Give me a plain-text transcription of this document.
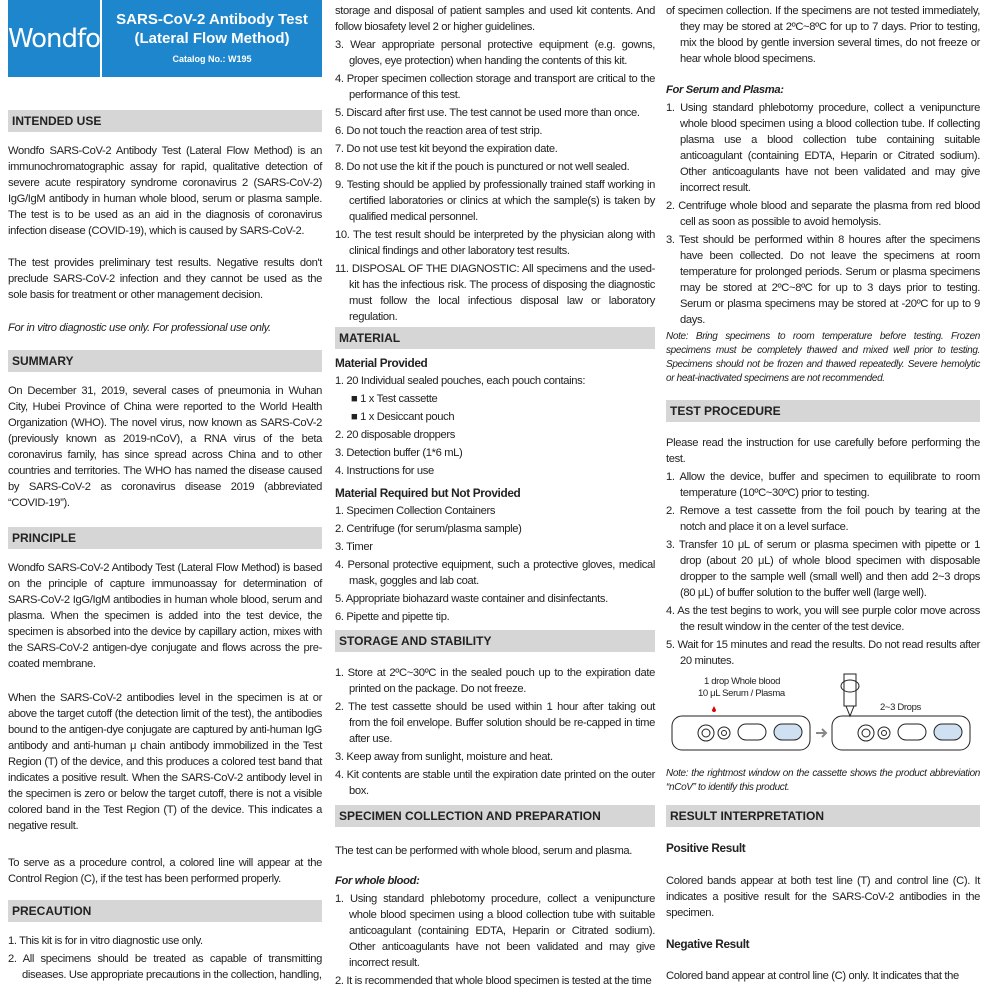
Wondfo
SARS-CoV-2 Antibody Test
(Lateral Flow Method)
Catalog No.: W195
INTENDED USE
Wondfo SARS-CoV-2 Antibody Test (Lateral Flow Method) is an immunochromatographic assay for rapid, qualitative detection of severe acute respiratory syndrome coronavirus 2 (SARS-CoV-2) IgG/IgM antibody in human whole blood, serum or plasma sample. The test is to be used as an aid in the diagnosis of coronavirus infection disease (COVID-19), which is caused by SARS-CoV-2.
The test provides preliminary test results. Negative results don't preclude SARS-CoV-2 infection and they cannot be used as the sole basis for treatment or other management decision.
For in vitro diagnostic use only. For professional use only.
SUMMARY
On December 31, 2019, several cases of pneumonia in Wuhan City, Hubei Province of China were reported to the World Health Organization (WHO). The novel virus, now known as SARS-CoV-2 (previously known as 2019-nCoV), a RNA virus of the beta coronavirus family, has since spread across China and to other countries and territories. The WHO has named the disease caused by SARS-CoV-2 as coronavirus disease 2019 (abbreviated “COVID-19”).
PRINCIPLE
Wondfo SARS-CoV-2 Antibody Test (Lateral Flow Method) is based on the principle of capture immunoassay for determination of SARS-CoV-2 IgG/IgM antibodies in human whole blood, serum and plasma. When the specimen is added into the test device, the specimen is absorbed into the device by capillary action, mixes with the SARS-CoV-2 antigen-dye conjugate and flows across the pre-coated membrane.
When the SARS-CoV-2 antibodies level in the specimen is at or above the target cutoff (the detection limit of the test), the antibodies bound to the antigen-dye conjugate are captured by anti-human IgG antibody and anti-human μ chain antibody immobilized in the Test Region (T) of the device, and this produces a colored test band that indicates a positive result. When the SARS-CoV-2 antibody level in the specimen is zero or below the target cutoff, there is not a visible colored band in the Test Region (T) of the device. This indicates a negative result.
To serve as a procedure control, a colored line will appear at the Control Region (C), if the test has been performed properly.
PRECAUTION
1. This kit is for in vitro diagnostic use only.
2. All specimens should be treated as capable of transmitting diseases. Use appropriate precautions in the collection, handling,
storage and disposal of patient samples and used kit contents. And follow biosafety level 2 or higher guidelines.
3. Wear appropriate personal protective equipment (e.g. gowns, gloves, eye protection) when handing the contents of this kit.
4. Proper specimen collection storage and transport are critical to the performance of this test.
5. Discard after first use. The test cannot be used more than once.
6. Do not touch the reaction area of test strip.
7. Do not use test kit beyond the expiration date.
8. Do not use the kit if the pouch is punctured or not well sealed.
9. Testing should be applied by professionally trained staff working in certified laboratories or clinics at which the sample(s) is taken by qualified medical personnel.
10. The test result should be interpreted by the physician along with clinical findings and other laboratory test results.
11. DISPOSAL OF THE DIAGNOSTIC: All specimens and the used-kit has the infectious risk. The process of disposing the diagnostic must follow the local infectious disposal law or laboratory regulation.
MATERIAL
Material Provided
1. 20 Individual sealed pouches, each pouch contains:
■ 1 x Test cassette
■ 1 x Desiccant pouch
2. 20 disposable droppers
3. Detection buffer (1*6 mL)
4. Instructions for use
Material Required but Not Provided
1. Specimen Collection Containers
2. Centrifuge (for serum/plasma sample)
3. Timer
4. Personal protective equipment, such a protective gloves, medical mask, goggles and lab coat.
5. Appropriate biohazard waste container and disinfectants.
6. Pipette and pipette tip.
STORAGE AND STABILITY
1. Store at 2ºC~30ºC in the sealed pouch up to the expiration date printed on the package. Do not freeze.
2. The test cassette should be used within 1 hour after taking out from the foil envelope. Buffer solution should be re-capped in time after use.
3. Keep away from sunlight, moisture and heat.
4. Kit contents are stable until the expiration date printed on the outer box.
SPECIMEN COLLECTION AND PREPARATION
The test can be performed with whole blood, serum and plasma.
For whole blood:
1. Using standard phlebotomy procedure, collect a venipuncture whole blood specimen using a blood collection tube with suitable anticoagulant (containing EDTA, Heparin or Citrated sodium). Other anticoagulants have not been validated and may give incorrect result.
2. It is recommended that whole blood specimen is tested at the time
of specimen collection. If the specimens are not tested immediately, they may be stored at 2ºC~8ºC for up to 7 days. Prior to testing, mix the blood by gentle inversion several times, do not freeze or hear whole blood specimens.
For Serum and Plasma:
1. Using standard phlebotomy procedure, collect a venipuncture whole blood specimen using a blood collection tube. If collecting plasma use a blood collection tube containing suitable anticoagulant (containing EDTA, Heparin or Citrated sodium). Other anticoagulants have not been validated and may give incorrect result.
2. Centrifuge whole blood and separate the plasma from red blood cell as soon as possible to avoid hemolysis.
3. Test should be performed within 8 houres after the specimens have been collected. Do not leave the specimens at room temperature for prolonged periods. Serum or plasma specimens may be stored at 2ºC~8ºC for up to 3 days prior to testing. Serum or plasma specimens may be stored at -20ºC for up to 9 days.
Note: Bring specimens to room temperature before testing. Frozen specimens must be completely thawed and mixed well prior to testing. Specimens should not be frozen and thawed repeatedly. Severe hemolytic or heat-inactivated specimens are not recommended.
TEST PROCEDURE
Please read the instruction for use carefully before performing the test.
1. Allow the device, buffer and specimen to equilibrate to room temperature (10ºC~30ºC) prior to testing.
2. Remove a test cassette from the foil pouch by tearing at the notch and place it on a level surface.
3. Transfer 10 μL of serum or plasma specimen with pipette or 1 drop (about 20 μL) of whole blood specimen with disposable dropper to the sample well (small well) and then add 2~3 drops (80 μL) of buffer solution to the buffer well (large well).
4. As the test begins to work, you will see purple color move across the result window in the center of the test device.
5. Wait for 15 minutes and read the results. Do not read results after 20 minutes.
1 drop Whole blood
10 μL Serum / Plasma
2~3 Drops
Note: the rightmost window on the cassette shows the product abbreviation “nCoV” to identify this product.
RESULT INTERPRETATION
Positive Result
Colored bands appear at both test line (T) and control line (C). It indicates a positive result for the SARS-CoV-2 antibodies in the specimen.
Negative Result
Colored band appear at control line (C) only. It indicates that the
